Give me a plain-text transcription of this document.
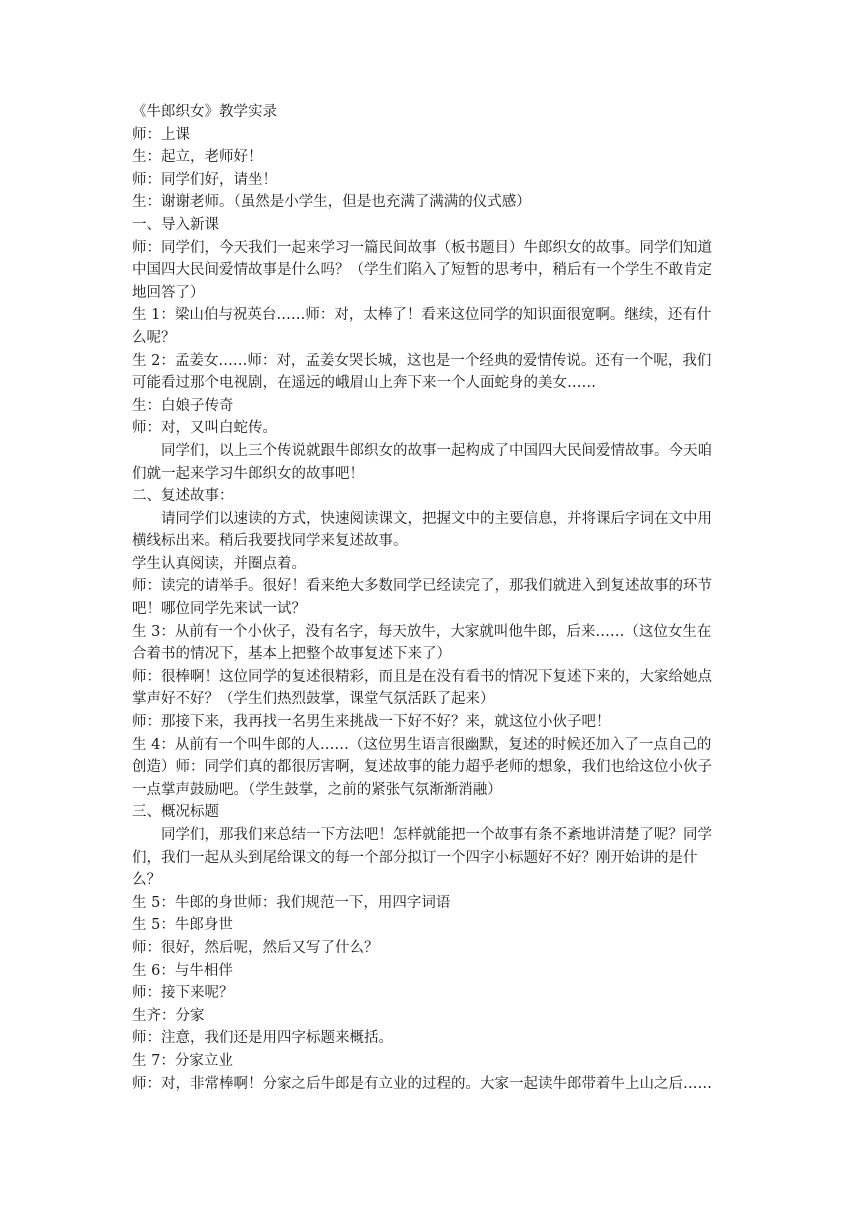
《牛郎织女》教学实录

师：上课

生：起立，老师好！

师：同学们好，请坐！

生：谢谢老师。（虽然是小学生，但是也充满了满满的仪式感）

一、导入新课

师：同学们，今天我们一起来学习一篇民间故事（板书题目）牛郎织女的故事。同学们知道

中国四大民间爱情故事是什么吗？（学生们陷入了短暂的思考中，稍后有一个学生不敢肯定

地回答了）

生 1：梁山伯与祝英台……师：对，太棒了！看来这位同学的知识面很宽啊。继续，还有什

么呢？

生 2：孟姜女……师：对，孟姜女哭长城，这也是一个经典的爱情传说。还有一个呢，我们

可能看过那个电视剧，在遥远的峨眉山上奔下来一个人面蛇身的美女……

生：白娘子传奇

师：对，又叫白蛇传。

同学们，以上三个传说就跟牛郎织女的故事一起构成了中国四大民间爱情故事。今天咱

们就一起来学习牛郎织女的故事吧！

二、复述故事：

请同学们以速读的方式，快速阅读课文，把握文中的主要信息，并将课后字词在文中用

横线标出来。稍后我要找同学来复述故事。

学生认真阅读，并圈点着。

师：读完的请举手。很好！看来绝大多数同学已经读完了，那我们就进入到复述故事的环节

吧！哪位同学先来试一试？

生 3：从前有一个小伙子，没有名字，每天放牛，大家就叫他牛郎，后来……（这位女生在

合着书的情况下，基本上把整个故事复述下来了）

师：很棒啊！这位同学的复述很精彩，而且是在没有看书的情况下复述下来的，大家给她点

掌声好不好？（学生们热烈鼓掌，课堂气氛活跃了起来）

师：那接下来，我再找一名男生来挑战一下好不好？来，就这位小伙子吧！

生 4：从前有一个叫牛郎的人……（这位男生语言很幽默，复述的时候还加入了一点自己的

创造）师：同学们真的都很厉害啊，复述故事的能力超乎老师的想象，我们也给这位小伙子

一点掌声鼓励吧。（学生鼓掌，之前的紧张气氛渐渐消融）

三、概况标题

同学们，那我们来总结一下方法吧！怎样就能把一个故事有条不紊地讲清楚了呢？同学

们，我们一起从头到尾给课文的每一个部分拟订一个四字小标题好不好？刚开始讲的是什

么？

生 5：牛郎的身世师：我们规范一下，用四字词语

生 5：牛郎身世

师：很好，然后呢，然后又写了什么？

生 6：与牛相伴

师：接下来呢？

生齐：分家

师：注意，我们还是用四字标题来概括。

生 7：分家立业

师：对，非常棒啊！分家之后牛郎是有立业的过程的。大家一起读牛郎带着牛上山之后……
